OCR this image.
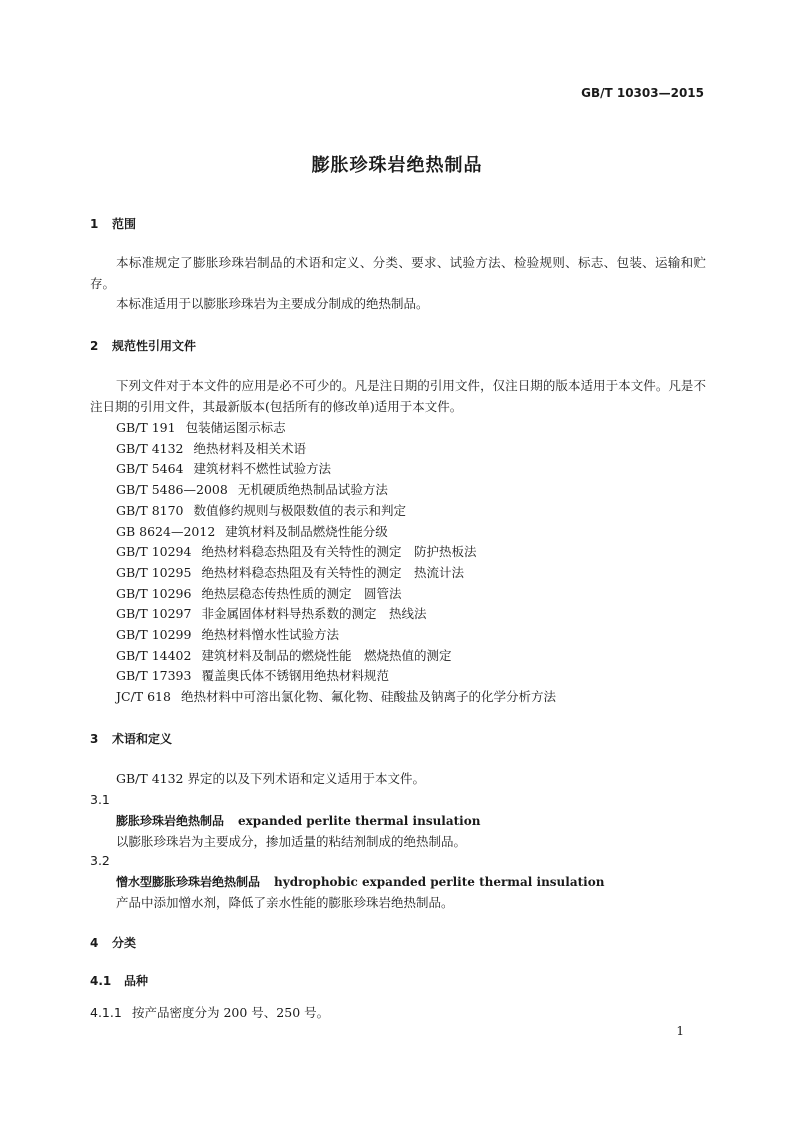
GB/T 10303—2015
膨胀珍珠岩绝热制品
1 范围
本标准规定了膨胀珍珠岩制品的术语和定义、分类、要求、试验方法、检验规则、标志、包装、运输和贮存。
本标准适用于以膨胀珍珠岩为主要成分制成的绝热制品。
2 规范性引用文件
下列文件对于本文件的应用是必不可少的。凡是注日期的引用文件，仅注日期的版本适用于本文件。凡是不注日期的引用文件，其最新版本(包括所有的修改单)适用于本文件。
GB/T 191 包装储运图示标志
GB/T 4132 绝热材料及相关术语
GB/T 5464 建筑材料不燃性试验方法
GB/T 5486—2008 无机硬质绝热制品试验方法
GB/T 8170 数值修约规则与极限数值的表示和判定
GB 8624—2012 建筑材料及制品燃烧性能分级
GB/T 10294 绝热材料稳态热阻及有关特性的测定　防护热板法
GB/T 10295 绝热材料稳态热阻及有关特性的测定　热流计法
GB/T 10296 绝热层稳态传热性质的测定　圆管法
GB/T 10297 非金属固体材料导热系数的测定　热线法
GB/T 10299 绝热材料憎水性试验方法
GB/T 14402 建筑材料及制品的燃烧性能　燃烧热值的测定
GB/T 17393 覆盖奥氏体不锈钢用绝热材料规范
JC/T 618 绝热材料中可溶出氯化物、氟化物、硅酸盐及钠离子的化学分析方法
3 术语和定义
GB/T 4132 界定的以及下列术语和定义适用于本文件。
3.1
膨胀珍珠岩绝热制品 expanded perlite thermal insulation
以膨胀珍珠岩为主要成分，掺加适量的粘结剂制成的绝热制品。
3.2
憎水型膨胀珍珠岩绝热制品 hydrophobic expanded perlite thermal insulation
产品中添加憎水剂，降低了亲水性能的膨胀珍珠岩绝热制品。
4 分类
4.1 品种
4.1.1 按产品密度分为 200 号、250 号。
1
